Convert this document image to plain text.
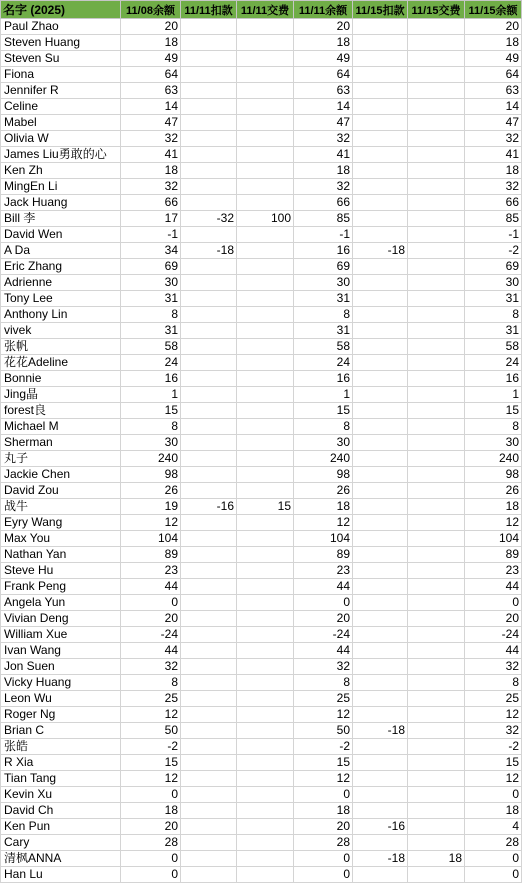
名字 (2025)	11/08余额	11/11扣款	11/11交费	11/11余额	11/15扣款	11/15交费	11/15余额
Paul Zhao	20			20			20
Steven Huang	18			18			18
Steven Su	49			49			49
Fiona	64			64			64
Jennifer R	63			63			63
Celine	14			14			14
Mabel	47			47			47
Olivia W	32			32			32
James Liu勇敢的心	41			41			41
Ken Zh	18			18			18
MingEn Li	32			32			32
Jack Huang	66			66			66
Bill 李	17	-32	100	85			85
David Wen	-1			-1			-1
A Da	34	-18		16	-18		-2
Eric Zhang	69			69			69
Adrienne	30			30			30
Tony Lee	31			31			31
Anthony Lin	8			8			8
vivek	31			31			31
张帆	58			58			58
花花Adeline	24			24			24
Bonnie	16			16			16
Jing晶	1			1			1
forest良	15			15			15
Michael M	8			8			8
Sherman	30			30			30
丸子	240			240			240
Jackie Chen	98			98			98
David Zou	26			26			26
战牛	19	-16	15	18			18
Eyry Wang	12			12			12
Max You	104			104			104
Nathan Yan	89			89			89
Steve Hu	23			23			23
Frank Peng	44			44			44
Angela Yun	0			0			0
Vivian Deng	20			20			20
William Xue	-24			-24			-24
Ivan Wang	44			44			44
Jon Suen	32			32			32
Vicky Huang	8			8			8
Leon Wu	25			25			25
Roger Ng	12			12			12
Brian C	50			50	-18		32
张皓	-2			-2			-2
R Xia	15			15			15
Tian Tang	12			12			12
Kevin Xu	0			0			0
David Ch	18			18			18
Ken Pun	20			20	-16		4
Cary	28			28			28
清枫ANNA	0			0	-18	18	0
Han Lu	0			0			0
